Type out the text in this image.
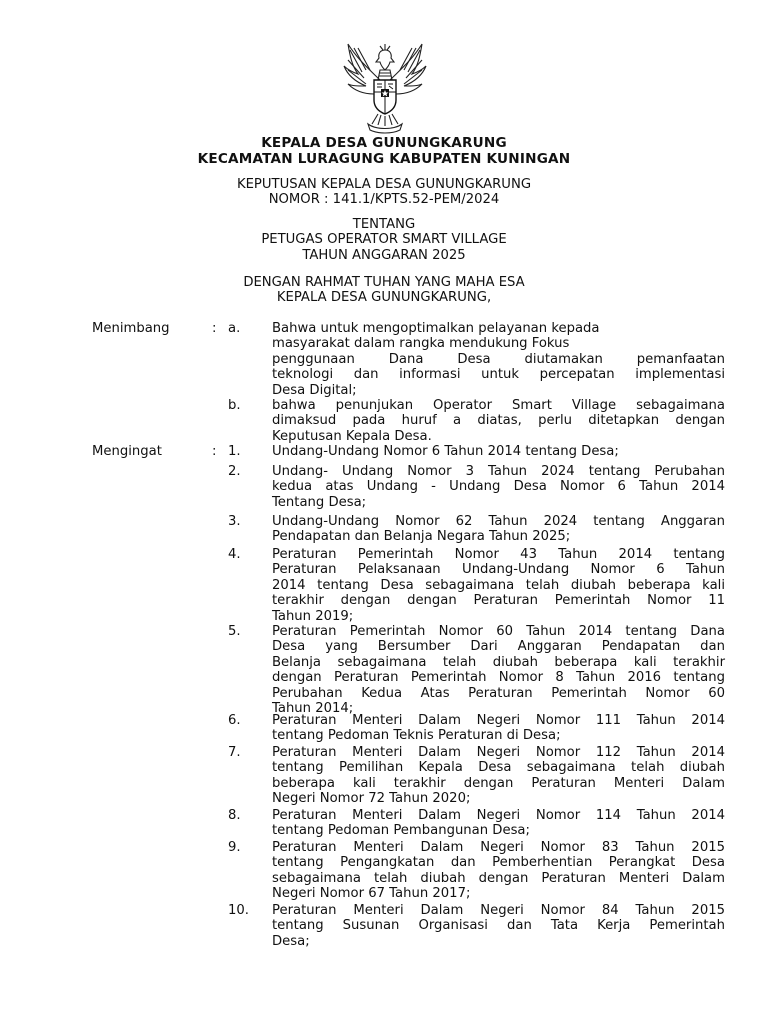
KEPALA DESA GUNUNGKARUNG
KECAMATAN LURAGUNG KABUPATEN KUNINGAN
KEPUTUSAN KEPALA DESA GUNUNGKARUNG
NOMOR : 141.1/KPTS.52-PEM/2024
TENTANG
PETUGAS OPERATOR SMART VILLAGE
TAHUN ANGGARAN 2025
DENGAN RAHMAT TUHAN YANG MAHA ESA
KEPALA DESA GUNUNGKARUNG,
Menimbang	: a. Bahwa untuk mengoptimalkan pelayanan kepada
masyarakat dalam rangka mendukung Fokus
penggunaan Dana Desa diutamakan pemanfaatan
teknologi dan informasi untuk percepatan implementasi
Desa Digital;
b. bahwa penunjukan Operator Smart Village sebagaimana
dimaksud pada huruf a diatas, perlu ditetapkan dengan
Keputusan Kepala Desa.
Mengingat	: 1. Undang-Undang Nomor 6 Tahun 2014 tentang Desa;
2. Undang- Undang Nomor 3 Tahun 2024 tentang Perubahan
kedua atas Undang - Undang Desa Nomor 6 Tahun 2014
Tentang Desa;
3. Undang-Undang Nomor 62 Tahun 2024 tentang Anggaran
Pendapatan dan Belanja Negara Tahun 2025;
4. Peraturan Pemerintah Nomor 43 Tahun 2014 tentang
Peraturan Pelaksanaan Undang-Undang Nomor 6 Tahun
2014 tentang Desa sebagaimana telah diubah beberapa kali
terakhir dengan dengan Peraturan Pemerintah Nomor 11
Tahun 2019;
5. Peraturan Pemerintah Nomor 60 Tahun 2014 tentang Dana
Desa yang Bersumber Dari Anggaran Pendapatan dan
Belanja sebagaimana telah diubah beberapa kali terakhir
dengan Peraturan Pemerintah Nomor 8 Tahun 2016 tentang
Perubahan Kedua Atas Peraturan Pemerintah Nomor 60
Tahun 2014;
6. Peraturan Menteri Dalam Negeri Nomor 111 Tahun 2014
tentang Pedoman Teknis Peraturan di Desa;
7. Peraturan Menteri Dalam Negeri Nomor 112 Tahun 2014
tentang Pemilihan Kepala Desa sebagaimana telah diubah
beberapa kali terakhir dengan Peraturan Menteri Dalam
Negeri Nomor 72 Tahun 2020;
8. Peraturan Menteri Dalam Negeri Nomor 114 Tahun 2014
tentang Pedoman Pembangunan Desa;
9. Peraturan Menteri Dalam Negeri Nomor 83 Tahun 2015
tentang Pengangkatan dan Pemberhentian Perangkat Desa
sebagaimana telah diubah dengan Peraturan Menteri Dalam
Negeri Nomor 67 Tahun 2017;
10. Peraturan Menteri Dalam Negeri Nomor 84 Tahun 2015
tentang Susunan Organisasi dan Tata Kerja Pemerintah
Desa;
